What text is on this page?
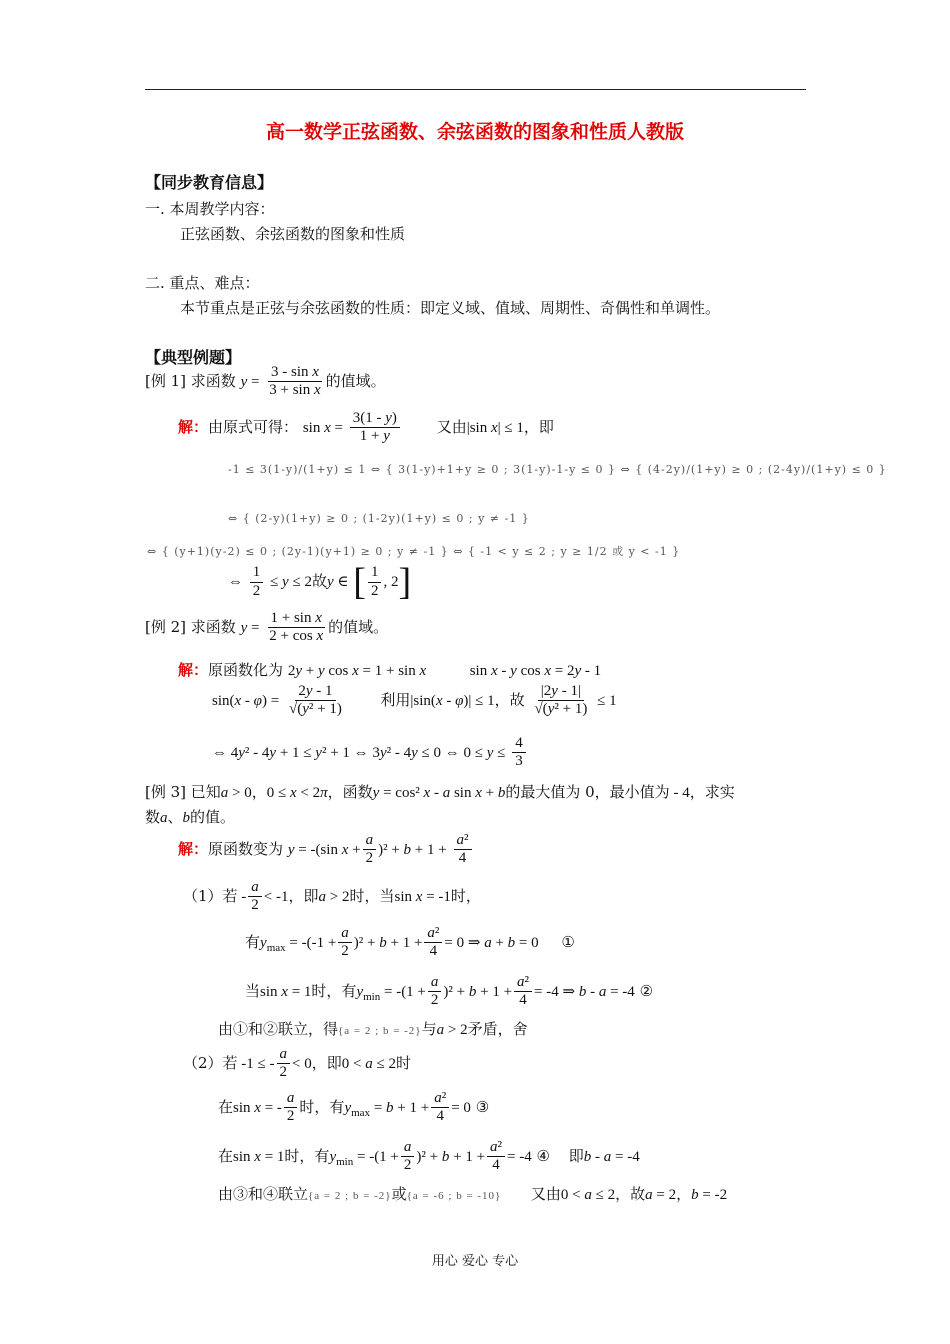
高一数学正弦函数、余弦函数的图象和性质人教版
【同步教育信息】
一. 本周教学内容：
正弦函数、余弦函数的图象和性质
二. 重点、难点：
本节重点是正弦与余弦函数的性质：即定义域、值域、周期性、奇偶性和单调性。
【典型例题】
[例 1] 求函数 $y = \frac{\text{3 - sin x}}{\text{3 + sin x}}$ 的值域。
解：由原式可得： $\sin x = \frac{3(1 - y)}{1 + y}$ 又由|sin x| ≤ 1，即
-1 ≤ 3(1-y)/(1+y) ≤ 1 ⇔ { 3(1-y)+1+y ≥ 0 ; 3(1-y)-1-y ≤ 0 } ⇔ { (4-2y)/(1+y) ≥ 0 ; (2-4y)/(1+y) ≤ 0 }
⇔ { (2-y)(1+y) ≥ 0 ; (1-2y)(1+y) ≤ 0 ; y ≠ -1 }
⇔ { (y+1)(y-2) ≤ 0 ; (2y-1)(y+1) ≥ 0 ; y ≠ -1 } ⇔ { -1 < y ≤ 2 ; y ≥ 1/2 或 y < -1 }
⇔ $\frac{1}{2} \le y \le 2$故y ∈ [ $\frac{1}{2}$ , 2]
[例 2] 求函数 $y = \frac{\text{1 + sin x}}{\text{2 + cos x}}$ 的值域。
解：原函数化为 2y + y cos x = 1 + sin x	sin x - y cos x = 2y - 1
$\sin(x - \varphi) = \frac{2y - 1}{\text{√(y² + 1)}}$ 利用|sin(x - φ)| ≤ 1，故 $\frac{|2y - 1|}{\text{√(y² + 1)}} \le 1$
⇔ 4y² - 4y + 1 ≤ y² + 1 ⇔ 3y² - 4y ≤ 0 ⇔ $0 \le y \le \frac{4}{3}$
[例 3] 已知a > 0，0 ≤ x < 2π，函数y = cos² x - a sin x + b的最大值为 0，最小值为 - 4，求实
数a、b的值。
解：原函数变为 y = -(sin $x + \frac{a}{2} )^2 + b + 1 + \frac{\text{a²}}{4}$
（1）若 - $\frac{a}{2} < -1$，即a > 2时，当sin x = -1时，
有$y_{max} = -(-1 + \frac{a}{2} )^2 + b + 1 + \frac{\text{a²}}{4} = 0$ ⇒ a + b = 0 ①
当sin x = 1时，有$y_{min} = -(1 + \frac{a}{2} )^2 + b + 1 + \frac{\text{a²}}{4} = -4$ ⇒ b - a = -4 ②
由①和②联立，得{a = 2 ; b = -2}与a > 2矛盾，舍
（2）若 -1 ≤ - $\frac{a}{2} < 0$，即0 < a ≤ 2时
在sin x = - $\frac{a}{2}$ 时，有$y_{max} = b + 1 + \frac{\text{a²}}{4} = 0$ ③
在sin x = 1时，有$y_{min} = -(1 + \frac{a}{2} )^2 + b + 1 + \frac{\text{a²}}{4} = -4$ ④ 即b - a = -4
由③和④联立{a = 2 ; b = -2}或{a = -6 ; b = -10} 又由0 < a ≤ 2，故a = 2，b = -2
用心 爱心 专心
